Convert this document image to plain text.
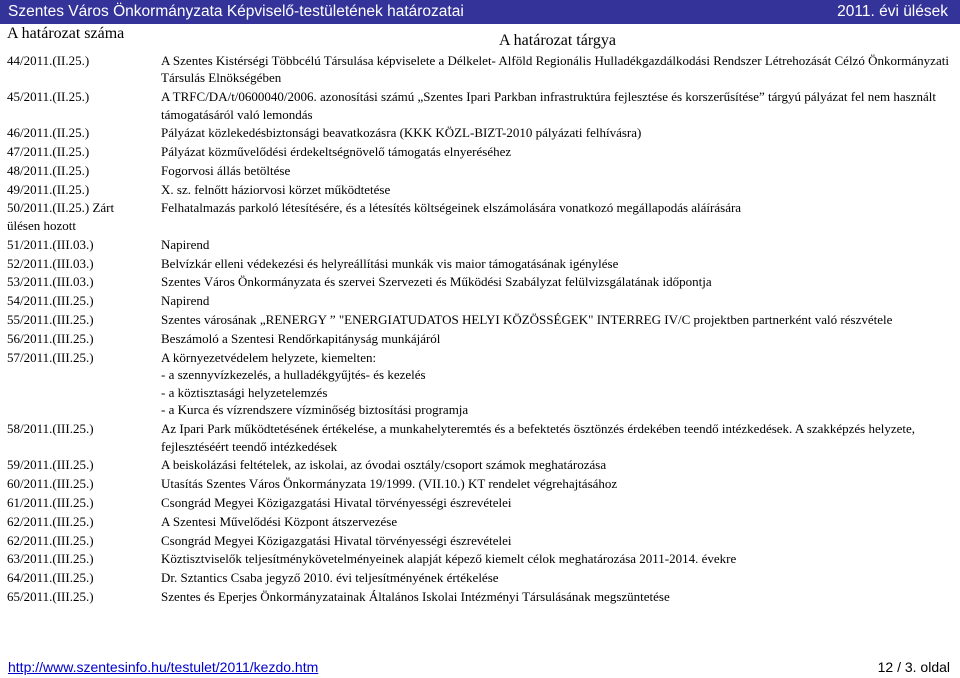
Szentes Város Önkormányzata Képviselő-testületének határozatai	2011. évi ülések
A határozat száma	A határozat tárgya
44/2011.(II.25.)	A Szentes Kistérségi Többcélú Társulása képviselete a Délkelet- Alföld Regionális Hulladékgazdálkodási Rendszer Létrehozását Célzó Önkormányzati Társulás Elnökségében

45/2011.(II.25.)	A TRFC/DA/t/0600040/2006. azonosítási számú „Szentes Ipari Parkban infrastruktúra fejlesztése és korszerűsítése” tárgyú pályázat fel nem használt támogatásáról való lemondás

46/2011.(II.25.)	Pályázat közlekedésbiztonsági beavatkozásra (KKK KÖZL-BIZT-2010 pályázati felhívásra)

47/2011.(II.25.)	Pályázat közművelődési érdekeltségnövelő támogatás elnyeréséhez

48/2011.(II.25.)	Fogorvosi állás betöltése

49/2011.(II.25.)	X. sz. felnőtt háziorvosi körzet működtetése

50/2011.(II.25.) Zárt ülésen hozott	Felhatalmazás parkoló létesítésére, és a létesítés költségeinek elszámolására vonatkozó megállapodás aláírására

51/2011.(III.03.)	Napirend

52/2011.(III.03.)	Belvízkár elleni védekezési és helyreállítási munkák vis maior támogatásának igénylése

53/2011.(III.03.)	Szentes Város Önkormányzata és szervei Szervezeti és Működési Szabályzat felülvizsgálatának időpontja

54/2011.(III.25.)	Napirend

55/2011.(III.25.)	Szentes városának „RENERGY ” "ENERGIATUDATOS HELYI KÖZÖSSÉGEK" INTERREG IV/C projektben partnerként való részvétele

56/2011.(III.25.)	Beszámoló a Szentesi Rendőrkapitányság munkájáról

57/2011.(III.25.)	A környezetvédelem helyzete, kiemelten:
- a szennyvízkezelés, a hulladékgyűjtés- és kezelés
- a köztisztasági helyzetelemzés
- a Kurca és vízrendszere vízminőség biztosítási programja

58/2011.(III.25.)	Az Ipari Park működtetésének értékelése, a munkahelyteremtés és a befektetés ösztönzés érdekében teendő intézkedések. A szakképzés helyzete, fejlesztéséért teendő intézkedések

59/2011.(III.25.)	A beiskolázási feltételek, az iskolai, az óvodai osztály/csoport számok meghatározása

60/2011.(III.25.)	Utasítás Szentes Város Önkormányzata 19/1999. (VII.10.) KT rendelet végrehajtásához

61/2011.(III.25.)	Csongrád Megyei Közigazgatási Hivatal törvényességi észrevételei

62/2011.(III.25.)	A Szentesi Művelődési Központ átszervezése

62/2011.(III.25.)	Csongrád Megyei Közigazgatási Hivatal törvényességi észrevételei

63/2011.(III.25.)	Köztisztviselők teljesítménykövetelményeinek alapját képező kiemelt célok meghatározása 2011-2014. évekre

64/2011.(III.25.)	Dr. Sztantics Csaba jegyző 2010. évi teljesítményének értékelése

65/2011.(III.25.)	Szentes és Eperjes Önkormányzatainak Általános Iskolai Intézményi Társulásának megszüntetése
http://www.szentesinfo.hu/testulet/2011/kezdo.htm	12 / 3. oldal
